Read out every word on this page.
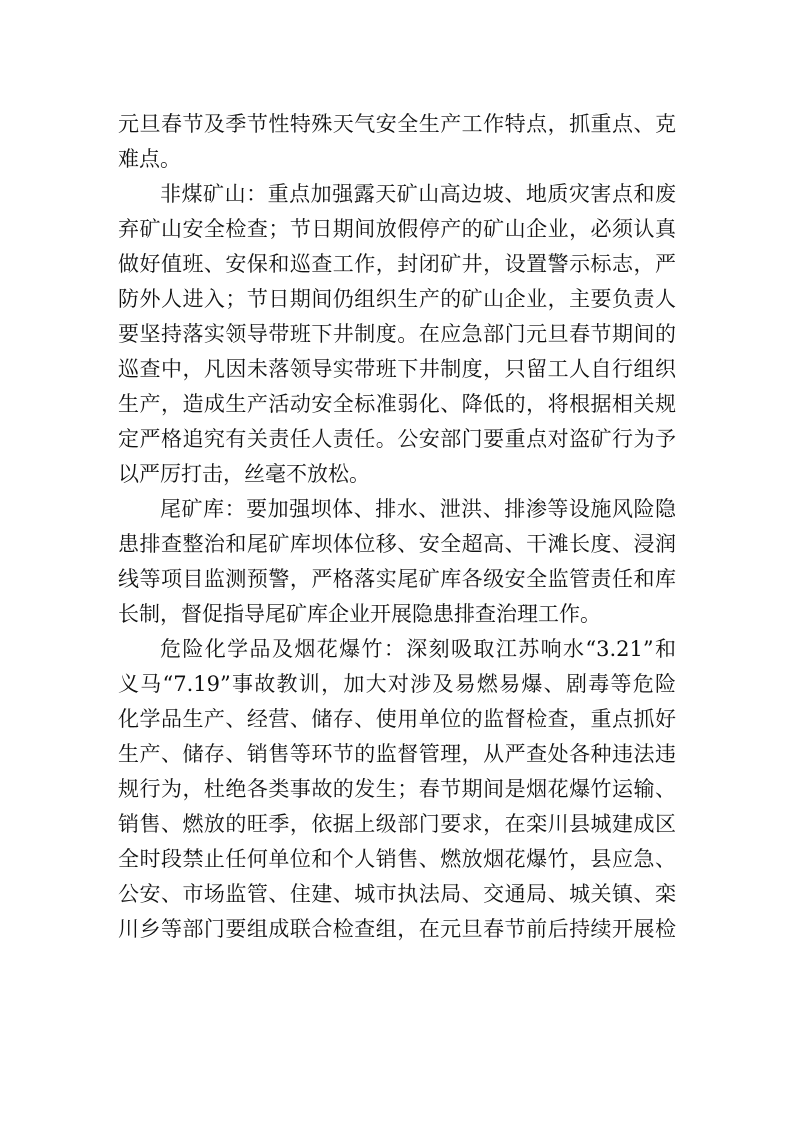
元旦春节及季节性特殊天气安全生产工作特点，抓重点、克
难点。
非煤矿山：重点加强露天矿山高边坡、地质灾害点和废
弃矿山安全检查；节日期间放假停产的矿山企业，必须认真
做好值班、安保和巡查工作，封闭矿井，设置警示标志，严
防外人进入；节日期间仍组织生产的矿山企业，主要负责人
要坚持落实领导带班下井制度。在应急部门元旦春节期间的
巡查中，凡因未落领导实带班下井制度，只留工人自行组织
生产，造成生产活动安全标准弱化、降低的，将根据相关规
定严格追究有关责任人责任。公安部门要重点对盗矿行为予
以严厉打击，丝毫不放松。
尾矿库：要加强坝体、排水、泄洪、排渗等设施风险隐
患排查整治和尾矿库坝体位移、安全超高、干滩长度、浸润
线等项目监测预警，严格落实尾矿库各级安全监管责任和库
长制，督促指导尾矿库企业开展隐患排查治理工作。
危险化学品及烟花爆竹：深刻吸取江苏响水“3.21”和
义马“7.19”事故教训，加大对涉及易燃易爆、剧毒等危险
化学品生产、经营、储存、使用单位的监督检查，重点抓好
生产、储存、销售等环节的监督管理，从严查处各种违法违
规行为，杜绝各类事故的发生；春节期间是烟花爆竹运输、
销售、燃放的旺季，依据上级部门要求，在栾川县城建成区
全时段禁止任何单位和个人销售、燃放烟花爆竹，县应急、
公安、市场监管、住建、城市执法局、交通局、城关镇、栾
川乡等部门要组成联合检查组，在元旦春节前后持续开展检
